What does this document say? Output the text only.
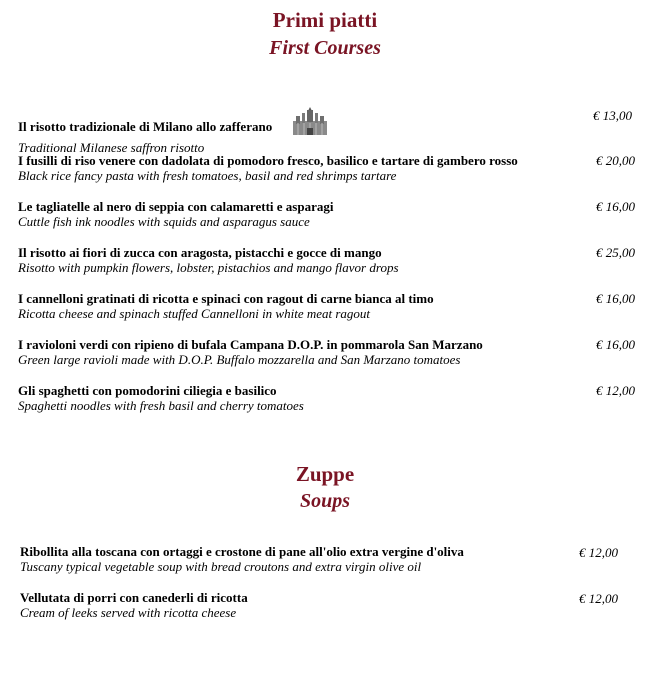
Primi piatti
First Courses
Il risotto tradizionale di Milano allo zafferano
Traditional Milanese saffron risotto
€ 13,00
I fusilli di riso venere con dadolata di pomodoro fresco, basilico e tartare di gambero rosso
Black rice fancy pasta with fresh tomatoes, basil and red shrimps tartare
€ 20,00
Le tagliatelle al nero di seppia con calamaretti e asparagi
Cuttle fish ink noodles with squids and asparagus sauce
€ 16,00
Il risotto ai fiori di zucca con aragosta, pistacchi e gocce di mango
Risotto with pumpkin flowers, lobster, pistachios and mango flavor drops
€ 25,00
I cannelloni gratinati di ricotta e spinaci con ragout di carne bianca al timo
Ricotta cheese and spinach stuffed Cannelloni in white meat ragout
€ 16,00
I ravioloni verdi con ripieno di bufala Campana D.O.P. in pommarola San Marzano
Green large ravioli made with D.O.P. Buffalo mozzarella and San Marzano tomatoes
€ 16,00
Gli spaghetti con pomodorini ciliegia e basilico
Spaghetti noodles with fresh basil and cherry tomatoes
€ 12,00
Zuppe
Soups
Ribollita alla toscana con ortaggi e crostone di pane all'olio extra vergine d'oliva
Tuscany typical vegetable soup with bread croutons and extra virgin olive oil
€ 12,00
Vellutata di porri con canederli di ricotta
Cream of leeks served with ricotta cheese
€ 12,00
